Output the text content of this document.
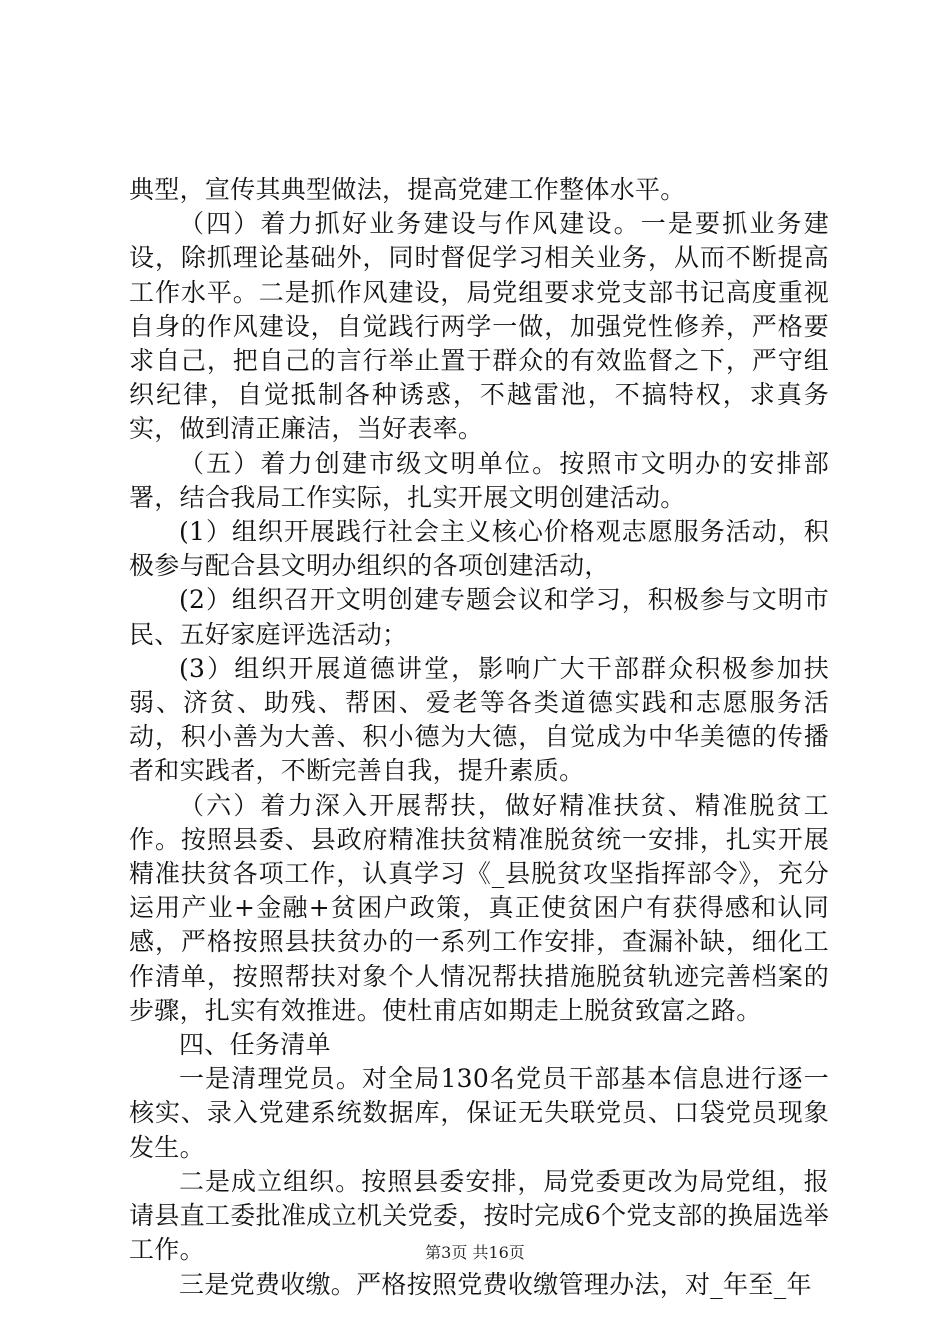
典型，宣传其典型做法，提高党建工作整体水平。

（四）着力抓好业务建设与作风建设。一是要抓业务建设，除抓理论基础外，同时督促学习相关业务，从而不断提高工作水平。二是抓作风建设，局党组要求党支部书记高度重视自身的作风建设，自觉践行两学一做，加强党性修养，严格要求自己，把自己的言行举止置于群众的有效监督之下，严守组织纪律，自觉抵制各种诱惑，不越雷池，不搞特权，求真务实，做到清正廉洁，当好表率。

（五）着力创建市级文明单位。按照市文明办的安排部署，结合我局工作实际，扎实开展文明创建活动。

(1）组织开展践行社会主义核心价格观志愿服务活动，积极参与配合县文明办组织的各项创建活动，

(2）组织召开文明创建专题会议和学习，积极参与文明市民、五好家庭评选活动；

(3）组织开展道德讲堂，影响广大干部群众积极参加扶弱、济贫、助残、帮困、爱老等各类道德实践和志愿服务活动，积小善为大善、积小德为大德，自觉成为中华美德的传播者和实践者，不断完善自我，提升素质。

（六）着力深入开展帮扶，做好精准扶贫、精准脱贫工作。按照县委、县政府精准扶贫精准脱贫统一安排，扎实开展精准扶贫各项工作，认真学习《_县脱贫攻坚指挥部令》，充分运用产业+金融+贫困户政策，真正使贫困户有获得感和认同感，严格按照县扶贫办的一系列工作安排，查漏补缺，细化工作清单，按照帮扶对象个人情况帮扶措施脱贫轨迹完善档案的步骤，扎实有效推进。使杜甫店如期走上脱贫致富之路。

四、任务清单

一是清理党员。对全局130名党员干部基本信息进行逐一核实、录入党建系统数据库，保证无失联党员、口袋党员现象发生。

二是成立组织。按照县委安排，局党委更改为局党组，报请县直工委批准成立机关党委，按时完成6个党支部的换届选举工作。

三是党费收缴。严格按照党费收缴管理办法，对_年至_年

第3页 共16页
